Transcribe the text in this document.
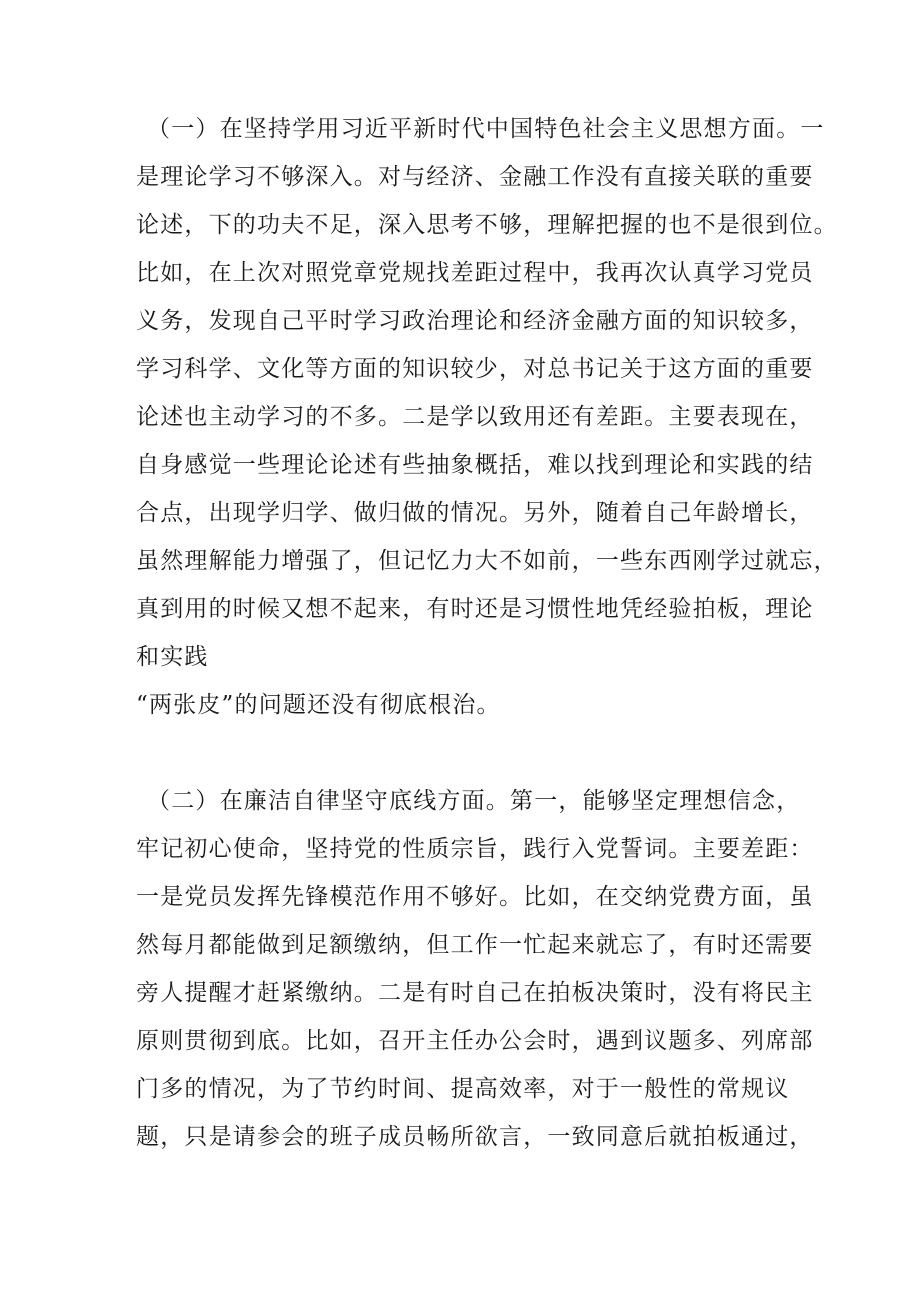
（一）在坚持学用习近平新时代中国特色社会主义思想方面。一

是理论学习不够深入。对与经济、金融工作没有直接关联的重要

论述，下的功夫不足，深入思考不够，理解把握的也不是很到位。

比如，在上次对照党章党规找差距过程中，我再次认真学习党员

义务，发现自己平时学习政治理论和经济金融方面的知识较多，

学习科学、文化等方面的知识较少，对总书记关于这方面的重要

论述也主动学习的不多。二是学以致用还有差距。主要表现在，

自身感觉一些理论论述有些抽象概括，难以找到理论和实践的结

合点，出现学归学、做归做的情况。另外，随着自己年龄增长，

虽然理解能力增强了，但记忆力大不如前，一些东西刚学过就忘，

真到用的时候又想不起来，有时还是习惯性地凭经验拍板，理论

和实践

“两张皮”的问题还没有彻底根治。

（二）在廉洁自律坚守底线方面。第一，能够坚定理想信念，

牢记初心使命，坚持党的性质宗旨，践行入党誓词。主要差距：

一是党员发挥先锋模范作用不够好。比如，在交纳党费方面，虽

然每月都能做到足额缴纳，但工作一忙起来就忘了，有时还需要

旁人提醒才赶紧缴纳。二是有时自己在拍板决策时，没有将民主

原则贯彻到底。比如，召开主任办公会时，遇到议题多、列席部

门多的情况，为了节约时间、提高效率，对于一般性的常规议

题，只是请参会的班子成员畅所欲言，一致同意后就拍板通过，
